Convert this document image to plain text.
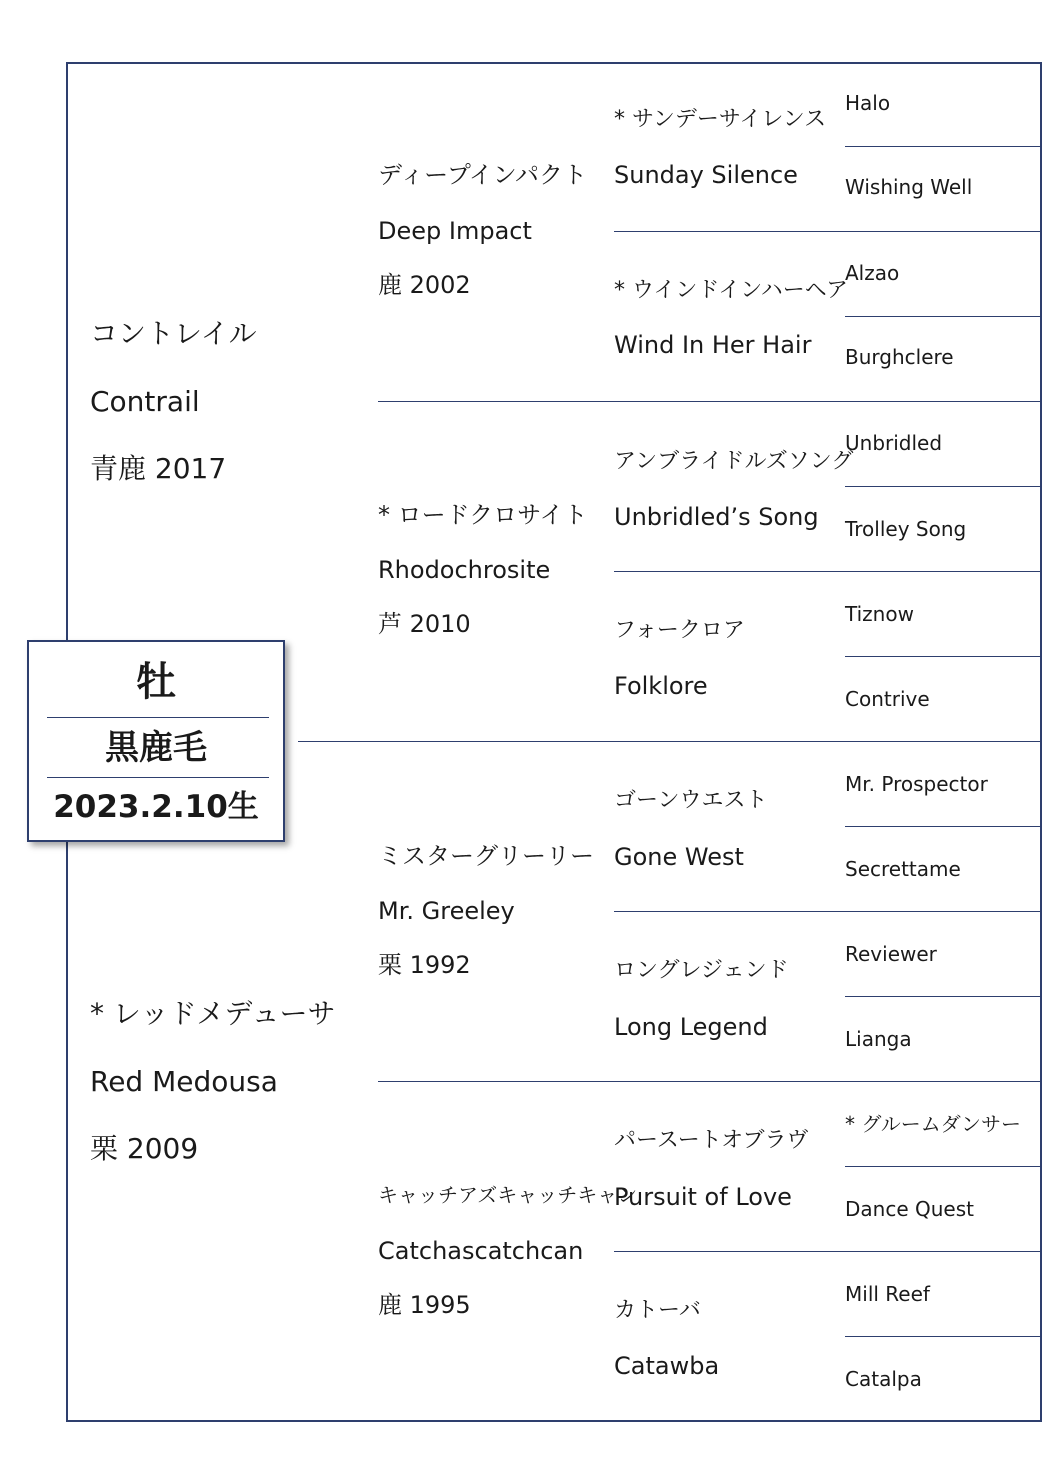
コントレイル
Contrail
青鹿 2017
* レッドメデューサ
Red Medousa
栗 2009
ディープインパクト
Deep Impact
鹿 2002
* ロードクロサイト
Rhodochrosite
芦 2010
ミスターグリーリー
Mr. Greeley
栗 1992
キャッチアズキャッチキャン
Catchascatchcan
鹿 1995
* サンデーサイレンス
Sunday Silence
* ウインドインハーヘア
Wind In Her Hair
アンブライドルズソング
Unbridled’s Song
フォークロア
Folklore
ゴーンウエスト
Gone West
ロングレジェンド
Long Legend
パースートオブラヴ
Pursuit of Love
カトーバ
Catawba
Halo
Wishing Well
Alzao
Burghclere
Unbridled
Trolley Song
Tiznow
Contrive
Mr. Prospector
Secrettame
Reviewer
Lianga
* グルームダンサー
Dance Quest
Mill Reef
Catalpa
牡
黒鹿毛
2023.2.10生
